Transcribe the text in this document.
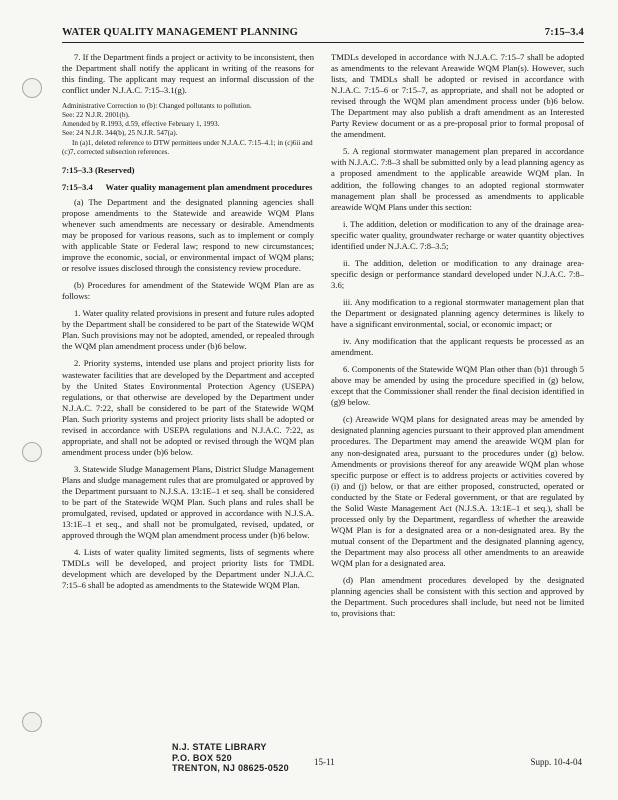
WATER QUALITY MANAGEMENT PLANNING	7:15–3.4

7. If the Department finds a project or activity to be inconsistent, then the Department shall notify the applicant in writing of the reasons for this finding. The applicant may request an informal discussion of the conflict under N.J.A.C. 7:15–3.1(g).

Administrative Correction to (b): Changed pollutants to pollution.

See: 22 N.J.R. 2001(b).

Amended by R.1993, d.59, effective February 1, 1993.

See: 24 N.J.R. 344(b), 25 N.J.R. 547(a).

In (a)1, deleted reference to DTW permittees under N.J.A.C. 7:15–4.1; in (c)6ii and (c)7, corrected subsection references.

7:15–3.3 (Reserved)
7:15–3.4	Water quality management plan amendment procedures

(a) The Department and the designated planning agencies shall propose amendments to the Statewide and areawide WQM Plans whenever such amendments are necessary or desirable. Amendments may be proposed for various reasons, such as to implement or comply with applicable State or Federal law; respond to new circumstances; improve the economic, social, or environmental impact of WQM plans; or resolve issues disclosed through the consistency review procedure.

(b) Procedures for amendment of the Statewide WQM Plan are as follows:

1. Water quality related provisions in present and future rules adopted by the Department shall be considered to be part of the Statewide WQM Plan. Such provisions may not be adopted, amended, or repealed through the WQM plan amendment process under (b)6 below.

2. Priority systems, intended use plans and project priority lists for wastewater facilities that are developed by the Department and accepted by the United States Environmental Protection Agency (USEPA) regulations, or that otherwise are developed by the Department under N.J.A.C. 7:22, shall be considered to be part of the Statewide WQM Plan. Such priority systems and project priority lists shall be adopted or revised in accordance with USEPA regulations and N.J.A.C. 7:22, as appropriate, and shall not be adopted or revised through the WQM plan amendment process under (b)6 below.

3. Statewide Sludge Management Plans, District Sludge Management Plans and sludge management rules that are promulgated or approved by the Department pursuant to N.J.S.A. 13:1E–1 et seq. shall be considered to be part of the Statewide WQM Plan. Such plans and rules shall be promulgated, revised, updated or approved in accordance with N.J.S.A. 13:1E–1 et seq., and shall not be promulgated, revised, updated, or approved through the WQM plan amendment process under (b)6 below.

4. Lists of water quality limited segments, lists of segments where TMDLs will be developed, and project priority lists for TMDL development which are developed by the Department under N.J.A.C. 7:15–6 shall be adopted as amendments to the Statewide WQM Plan.

TMDLs developed in accordance with N.J.A.C. 7:15–7 shall be adopted as amendments to the relevant Areawide WQM Plan(s). However, such lists, and TMDLs shall be adopted or revised in accordance with N.J.A.C. 7:15–6 or 7:15–7, as appropriate, and shall not be adopted or revised through the WQM plan amendment process under (b)6 below. The Department may also publish a draft amendment as an Interested Party Review document or as a pre-proposal prior to formal proposal of the amendment.

5. A regional stormwater management plan prepared in accordance with N.J.A.C. 7:8–3 shall be submitted only by a lead planning agency as a proposed amendment to the applicable areawide WQM plan. In addition, the following changes to an adopted regional stormwater management plan shall be processed as amendments to applicable areawide WQM Plans under this section:

i. The addition, deletion or modification to any of the drainage area-specific water quality, groundwater recharge or water quantity objectives identified under N.J.A.C. 7:8–3.5;

ii. The addition, deletion or modification to any drainage area-specific design or performance standard developed under N.J.A.C. 7:8–3.6;

iii. Any modification to a regional stormwater management plan that the Department or designated planning agency determines is likely to have a significant environmental, social, or economic impact; or

iv. Any modification that the applicant requests be processed as an amendment.

6. Components of the Statewide WQM Plan other than (b)1 through 5 above may be amended by using the procedure specified in (g) below, except that the Commissioner shall render the final decision identified in (g)9 below.

(c) Areawide WQM plans for designated areas may be amended by designated planning agencies pursuant to their approved plan amendment procedures. The Department may amend the areawide WQM plan for any non-designated area, pursuant to the procedures under (g) below. Amendments or provisions thereof for any areawide WQM plan whose specific purpose or effect is to address projects or activities covered by (i) and (j) below, or that are either proposed, constructed, operated or conducted by the State or Federal government, or that are regulated by the Solid Waste Management Act (N.J.S.A. 13:1E–1 et seq.), shall be processed only by the Department, regardless of whether the areawide WQM Plan is for a designated area or a non-designated area. By the mutual consent of the Department and the designated planning agency, the Department may also process all other amendments to an areawide WQM plan for a designated area.

(d) Plan amendment procedures developed by the designated planning agencies shall be consistent with this section and approved by the Department. Such procedures shall include, but need not be limited to, provisions that:

N.J. STATE LIBRARY
P.O. BOX 520
TRENTON, NJ 08625-0520
15-11	Supp. 10-4-04
